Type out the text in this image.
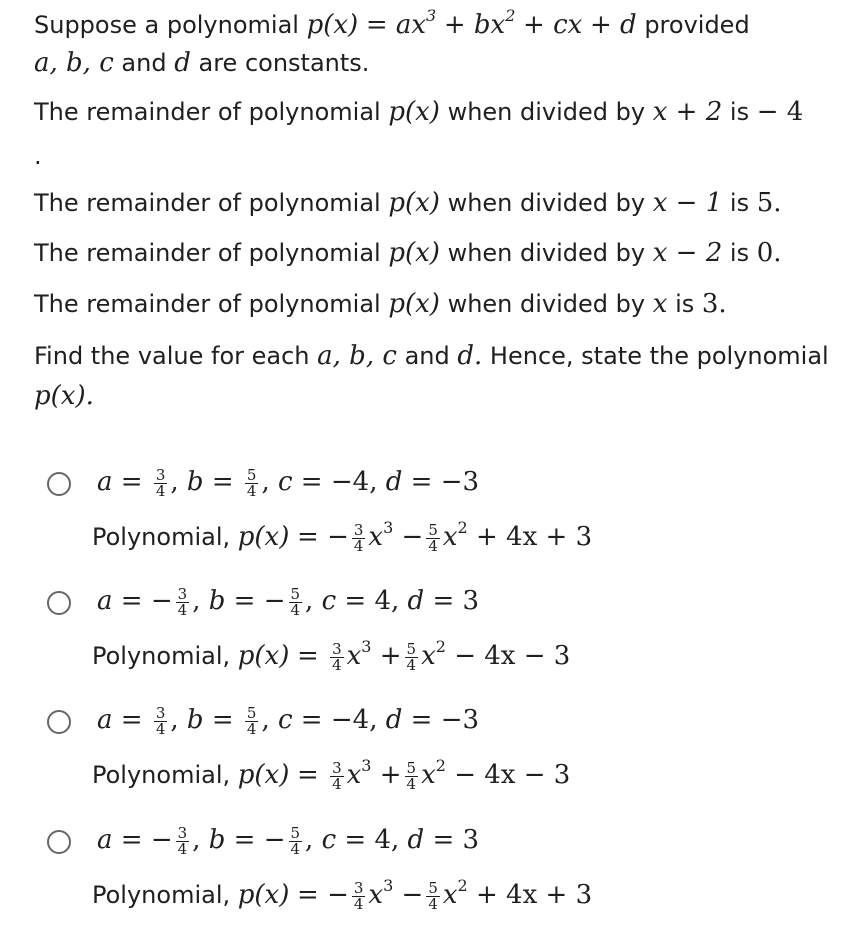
Suppose a polynomial $p(x) = ax^3 + bx^2$ + cx + d provided
a, b, c and d are constants.
The remainder of polynomial p(x) when divided by x + 2 is − 4
The remainder of polynomial p(x) when divided by x − 1 is 5.
The remainder of polynomial p(x) when divided by x − 2 is 0.
The remainder of polynomial p(x) when divided by x is 3.
.
Find the value for each a, b, c and d. Hence, state the polynomial
p(x).
$a = \frac{3}{4}$ , $b = \frac{5}{4}$ , c = −4, d = −3
Polynomial, p(x) = − $\frac{3}{4} x^3 - \frac{5}{4} x^2 + 4x + 3$
a = − $\frac{3}{4}$ , b = − $\frac{5}{4}$ , c = 4, d = 3
Polynomial, $p(x) = \frac{3}{4} x^3 + \frac{5}{4} x^2 - 4x - 3$
$a = \frac{3}{4}$ , $b = \frac{5}{4}$ , c = −4, d = −3
Polynomial, $p(x) = \frac{3}{4} x^3 + \frac{5}{4} x^2 - 4x - 3$
a = − $\frac{3}{4}$ , b = − $\frac{5}{4}$ , c = 4, d = 3
Polynomial, p(x) = − $\frac{3}{4} x^3 - \frac{5}{4} x^2 + 4x + 3$
